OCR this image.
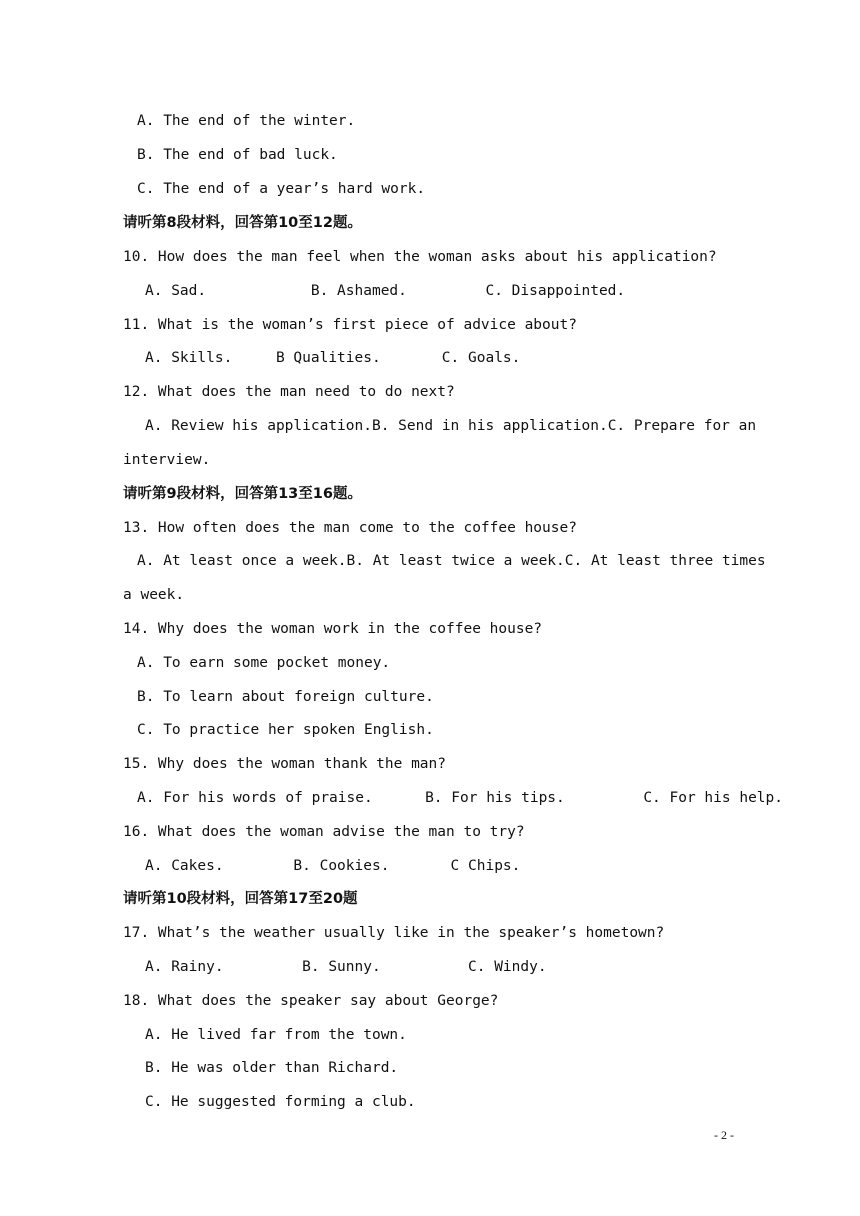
A. The end of the winter.
B. The end of bad luck.
C. The end of a year’s hard work.
请听第8段材料，回答第10至12题。
10. How does the man feel when the woman asks about his application?
A. Sad.            B. Ashamed.         C. Disappointed.
11. What is the woman’s first piece of advice about?
A. Skills.     B Qualities.       C. Goals.
12. What does the man need to do next?
A. Review his application. B. Send in his application. C. Prepare for an
interview.
请听第9段材料，回答第13至16题。
13. How often does the man come to the coffee house?
A. At least once a week. B. At least twice a week. C. At least three times
a week.
14. Why does the woman work in the coffee house?
A. To earn some pocket money.
B. To learn about foreign culture.
C. To practice her spoken English.
15. Why does the woman thank the man?
A. For his words of praise.      B. For his tips.         C. For his help.
16. What does the woman advise the man to try?
A. Cakes.        B. Cookies.       C Chips.
请听第10段材料，回答第17至20题
17. What’s the weather usually like in the speaker’s hometown?
A. Rainy.         B. Sunny.          C. Windy.
18. What does the speaker say about George?
A. He lived far from the town.
B. He was older than Richard.
C. He suggested forming a club.
- 2 -
